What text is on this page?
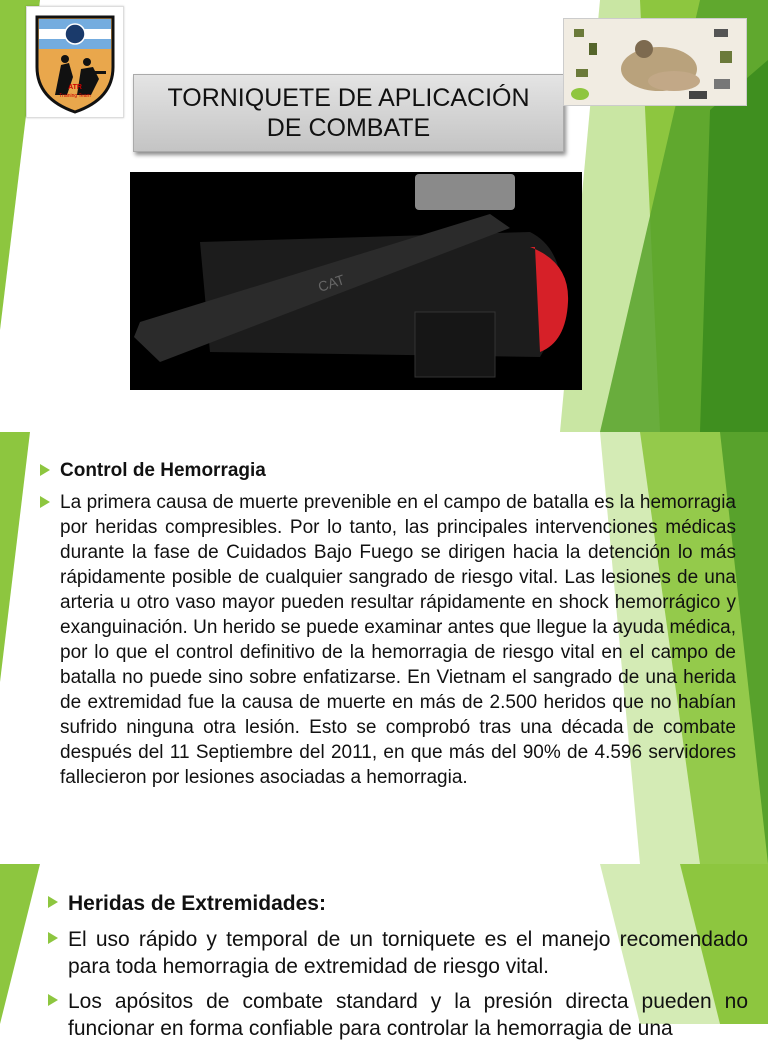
ATR
Training Team	TORNIQUETE DE APLICACIÓN
DE COMBATE
CAT
Control de Hemorragia
La primera causa de muerte prevenible en el campo de batalla es la hemorragia por heridas compresibles. Por lo tanto, las principales intervenciones médicas durante la fase de Cuidados Bajo Fuego se dirigen hacia la detención lo más rápidamente posible de cualquier sangrado de riesgo vital. Las lesiones de una arteria u otro vaso mayor pueden resultar rápidamente en shock hemorrágico y exanguinación. Un herido se puede examinar antes que llegue la ayuda médica, por lo que el control definitivo de la hemorragia de riesgo vital en el campo de batalla no puede sino sobre enfatizarse. En Vietnam el sangrado de una herida de extremidad fue la causa de muerte en más de 2.500 heridos que no habían sufrido ninguna otra lesión. Esto se comprobó tras una década de combate después del 11 Septiembre del 2011, en que más del 90% de 4.596 servidores fallecieron por lesiones asociadas a hemorragia.
Heridas de Extremidades:
El uso rápido y temporal de un torniquete es el manejo recomendado para toda hemorragia de extremidad de riesgo vital.
Los apósitos de combate standard y la presión directa pueden no funcionar en forma confiable para controlar la hemorragia de una
